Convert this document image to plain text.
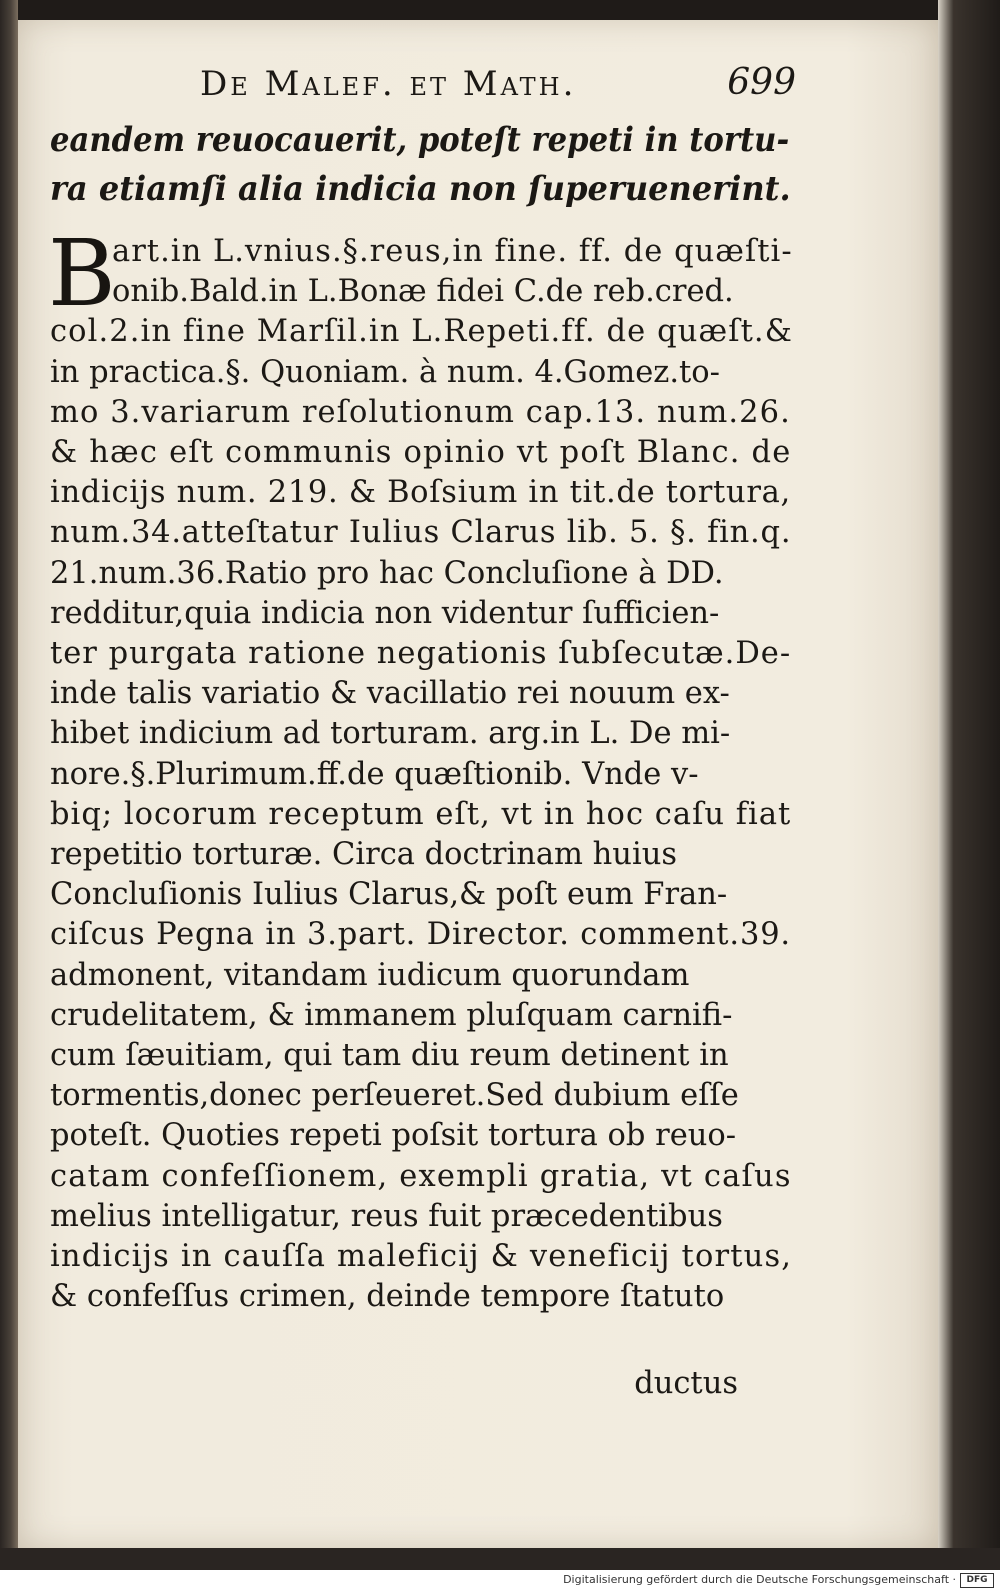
De Malef. et Math.	699
eandem reuocauerit, poteſt repeti in tortu-
ra etiamſi alia indicia non ſuperuenerint.
B
art.in L.vnius.§.reus,in fine. ff. de quæſti-
onib.Bald.in L.Bonæ fidei C.de reb.cred.
col.2.in fine Marſil.in L.Repeti.ff. de quæſt.&
in practica.§. Quoniam. à num. 4.Gomez.to-
mo 3.variarum reſolutionum cap.13. num.26.
& hæc eſt communis opinio vt poſt Blanc. de
indicijs num. 219. & Boſsium in tit.de tortura,
num.34.atteſtatur Iulius Clarus lib. 5. §. fin.q.
21.num.36.Ratio pro hac Concluſione à DD.
redditur,quia indicia non videntur ſufficien-
ter purgata ratione negationis ſubſecutæ.De-
inde talis variatio & vacillatio rei nouum ex-
hibet indicium ad torturam. arg.in L. De mi-
nore.§.Plurimum.ff.de quæſtionib. Vnde v-
biq; locorum receptum eſt, vt in hoc caſu fiat
repetitio torturæ. Circa doctrinam huius
Concluſionis Iulius Clarus,& poſt eum Fran-
ciſcus Pegna in 3.part. Director. comment.39.
admonent, vitandam iudicum quorundam
crudelitatem, & immanem pluſquam carnifi-
cum ſæuitiam, qui tam diu reum detinent in
tormentis,donec perſeueret.Sed dubium eſſe
poteſt. Quoties repeti poſsit tortura ob reuo-
catam confeſſionem, exempli gratia, vt caſus
melius intelligatur, reus fuit præcedentibus
indicijs in cauſſa maleficij & veneficij tortus,
& confeſſus crimen, deinde tempore ſtatuto
ductus
Digitalisierung gefördert durch die Deutsche Forschungsgemeinschaft ·	DFG
